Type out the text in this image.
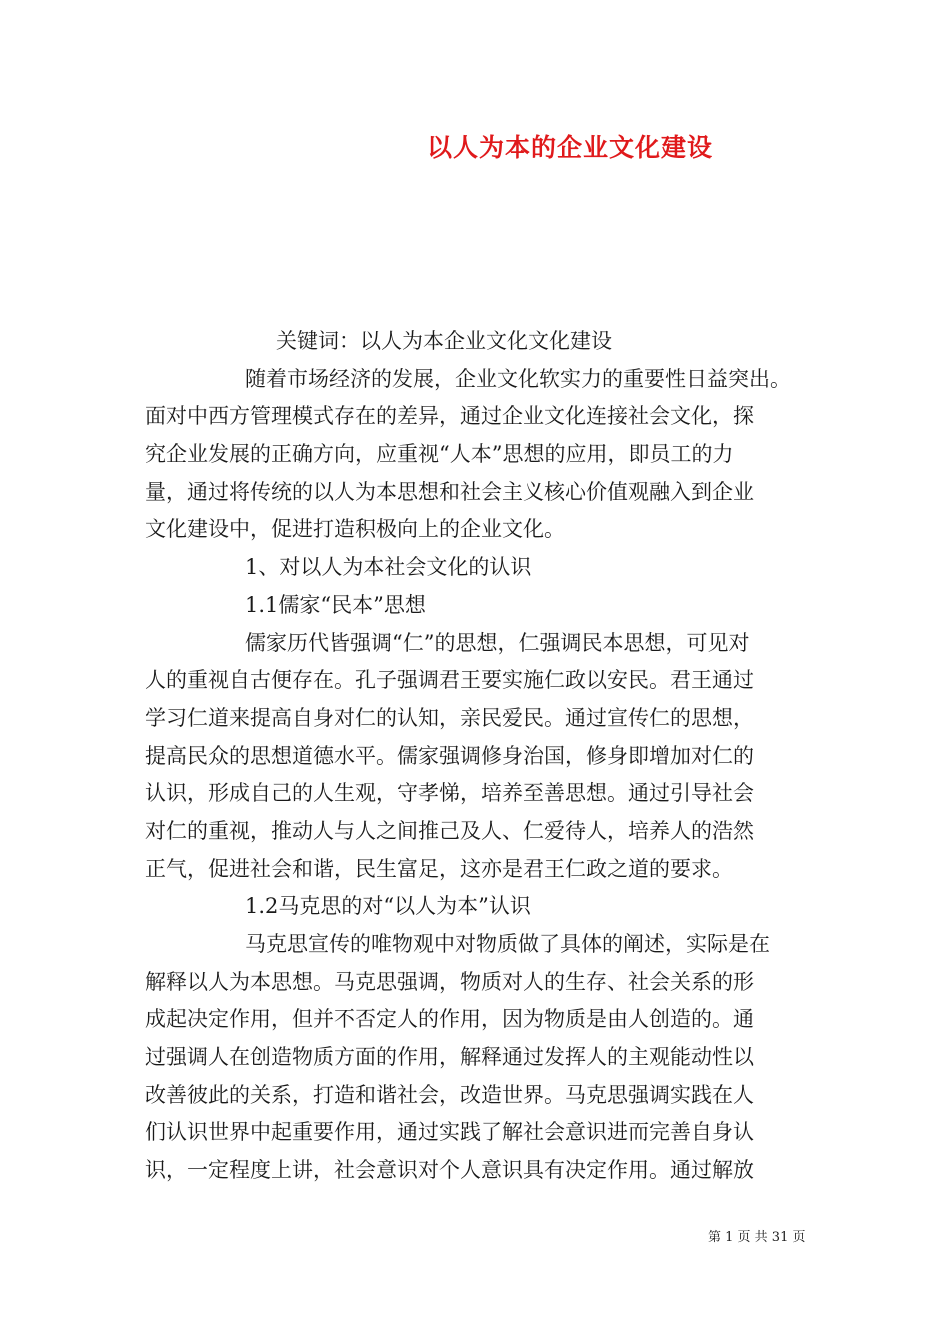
以人为本的企业文化建设
关键词：以人为本企业文化文化建设
随着市场经济的发展，企业文化软实力的重要性日益突出。
面对中西方管理模式存在的差异，通过企业文化连接社会文化，探
究企业发展的正确方向，应重视“人本”思想的应用，即员工的力
量，通过将传统的以人为本思想和社会主义核心价值观融入到企业
文化建设中，促进打造积极向上的企业文化。
1、对以人为本社会文化的认识
1.1儒家“民本”思想
儒家历代皆强调“仁”的思想，仁强调民本思想，可见对
人的重视自古便存在。孔子强调君王要实施仁政以安民。君王通过
学习仁道来提高自身对仁的认知，亲民爱民。通过宣传仁的思想，
提高民众的思想道德水平。儒家强调修身治国，修身即增加对仁的
认识，形成自己的人生观，守孝悌，培养至善思想。通过引导社会
对仁的重视，推动人与人之间推己及人、仁爱待人，培养人的浩然
正气，促进社会和谐，民生富足，这亦是君王仁政之道的要求。
1.2马克思的对“以人为本”认识
马克思宣传的唯物观中对物质做了具体的阐述，实际是在
解释以人为本思想。马克思强调，物质对人的生存、社会关系的形
成起决定作用，但并不否定人的作用，因为物质是由人创造的。通
过强调人在创造物质方面的作用，解释通过发挥人的主观能动性以
改善彼此的关系，打造和谐社会，改造世界。马克思强调实践在人
们认识世界中起重要作用，通过实践了解社会意识进而完善自身认
识，一定程度上讲，社会意识对个人意识具有决定作用。通过解放
第 1 页 共 31 页
